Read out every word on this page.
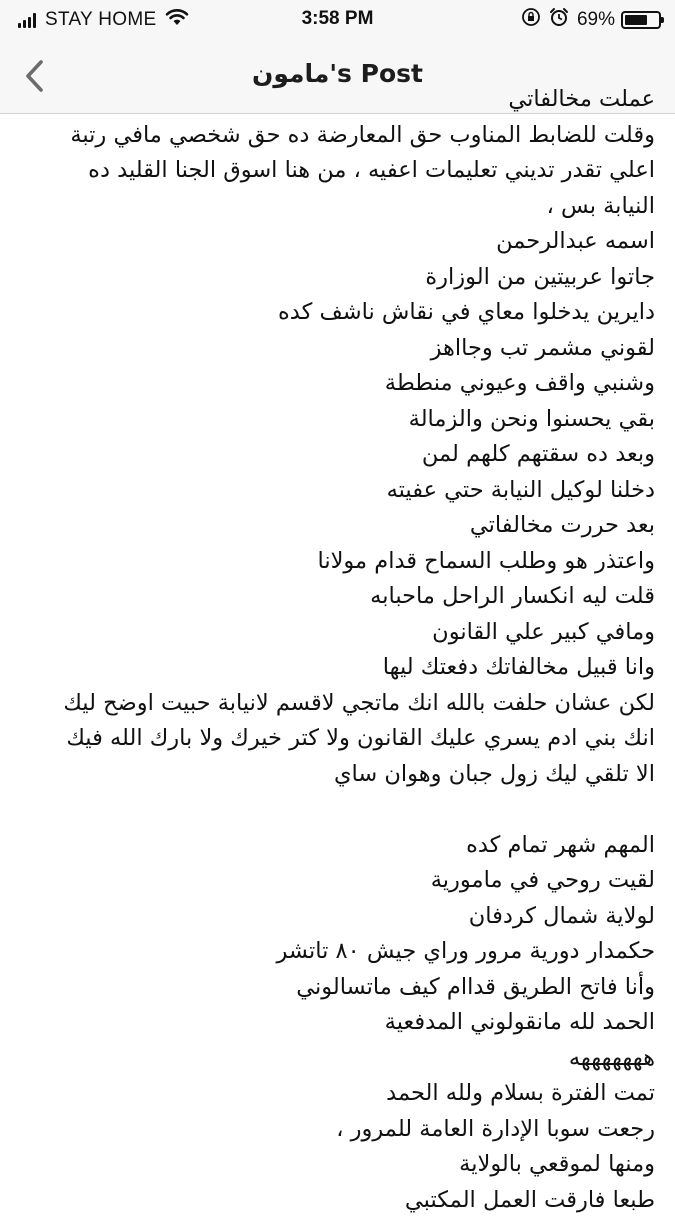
STAY HOME	3:58 PM	69%
مامون's Post
عملت مخالفاتي
وقلت للضابط المناوب حق المعارضة ده حق شخصي مافي رتبة
اعلي تقدر تديني تعليمات اعفيه ، من هنا اسوق الجنا القليد ده
النيابة بس ،
اسمه عبدالرحمن
جاتوا عربيتين من الوزارة
دايرين يدخلوا معاي في نقاش ناشف كده
لقوني مشمر تب وجااهز
وشنبي واقف وعيوني منططة
بقي يحسنوا ونحن والزمالة
وبعد ده سقتهم كلهم لمن
دخلنا لوكيل النيابة حتي عفيته
بعد حررت مخالفاتي
واعتذر هو وطلب السماح قدام مولانا
قلت ليه انكسار الراحل ماحبابه
ومافي كبير علي القانون
وانا قبيل مخالفاتك دفعتك ليها
لكن عشان حلفت بالله انك ماتجي لاقسم لانيابة حبيت اوضح ليك
انك بني ادم يسري عليك القانون ولا كتر خيرك ولا بارك الله فيك
الا تلقي ليك زول جبان وهوان ساي
المهم شهر تمام كده
لقيت روحي في مامورية
لولاية شمال كردفان
حكمدار دورية مرور وراي جيش ٨٠ تاتشر
وأنا فاتح الطريق قداام كيف ماتسالوني
الحمد لله مانقولوني المدفعية
هههههههه
تمت الفترة بسلام ولله الحمد
رجعت سوبا الإدارة العامة للمرور ،
ومنها لموقعي بالولاية
طبعا فارقت العمل المكتبي
